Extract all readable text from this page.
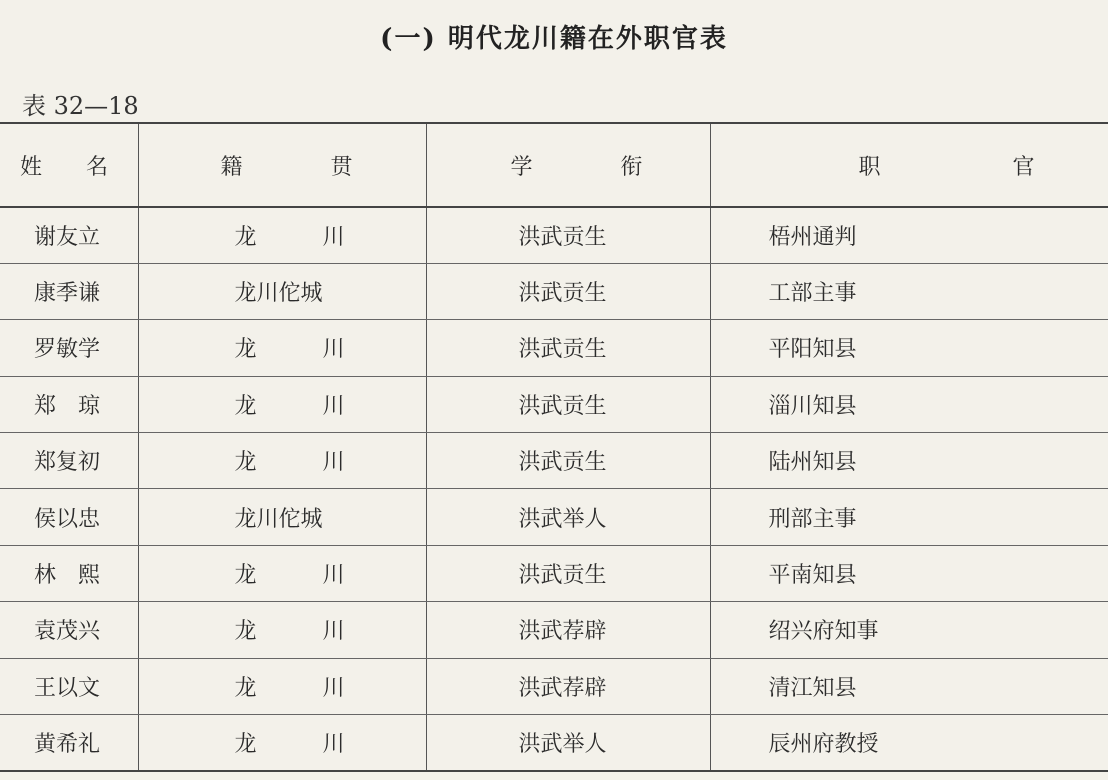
(一) 明代龙川籍在外职官表
表 32—18
姓　　名	籍　　　　贯	学　　　　衔	职　　　　　　官
谢友立	龙　　　川	洪武贡生	梧州通判
康季谦	龙川佗城	洪武贡生	工部主事
罗敏学	龙　　　川	洪武贡生	平阳知县
郑　琼	龙　　　川	洪武贡生	淄川知县
郑复初	龙　　　川	洪武贡生	陆州知县
侯以忠	龙川佗城	洪武举人	刑部主事
林　熙	龙　　　川	洪武贡生	平南知县
袁茂兴	龙　　　川	洪武荐辟	绍兴府知事
王以文	龙　　　川	洪武荐辟	清江知县
黄希礼	龙　　　川	洪武举人	辰州府教授
